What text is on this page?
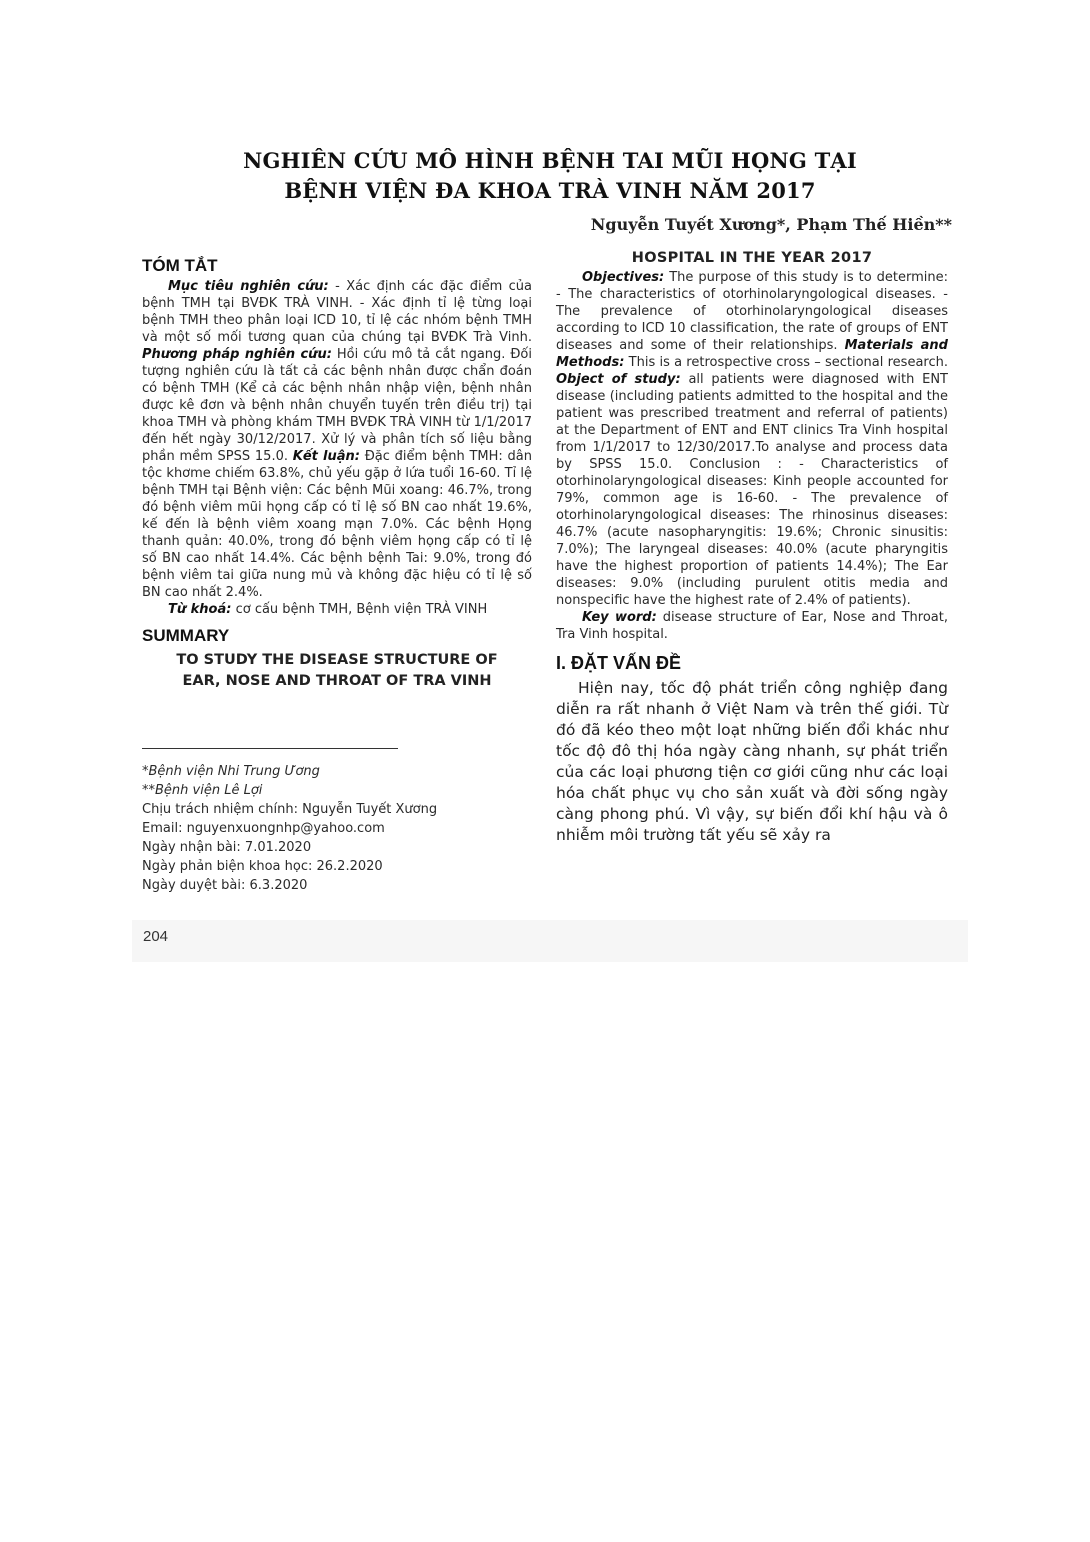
NGHIÊN CỨU MÔ HÌNH BỆNH TAI MŨI HỌNG TẠI
BỆNH VIỆN ĐA KHOA TRÀ VINH NĂM 2017
Nguyễn Tuyết Xương*, Phạm Thế Hiền**
TÓM TẮT

Mục tiêu nghiên cứu: - Xác định các đặc điểm của bệnh TMH tại BVĐK TRÀ VINH. - Xác định tỉ lệ từng loại bệnh TMH theo phân loại ICD 10, tỉ lệ các nhóm bệnh TMH và một số mối tương quan của chúng tại BVĐK Trà Vinh. Phương pháp nghiên cứu: Hồi cứu mô tả cắt ngang. Đối tượng nghiên cứu là tất cả các bệnh nhân được chẩn đoán có bệnh TMH (Kể cả các bệnh nhân nhập viện, bệnh nhân được kê đơn và bệnh nhân chuyển tuyến trên điều trị) tại khoa TMH và phòng khám TMH BVĐK TRÀ VINH từ 1/1/2017 đến hết ngày 30/12/2017. Xử lý và phân tích số liệu bằng phần mềm SPSS 15.0. Kết luận: Đặc điểm bệnh TMH: dân tộc khơme chiếm 63.8%, chủ yếu gặp ở lứa tuổi 16-60. Tỉ lệ bệnh TMH tại Bệnh viện: Các bệnh Mũi xoang: 46.7%, trong đó bệnh viêm mũi họng cấp có tỉ lệ số BN cao nhất 19.6%, kế đến là bệnh viêm xoang mạn 7.0%. Các bệnh Họng thanh quản: 40.0%, trong đó bệnh viêm họng cấp có tỉ lệ số BN cao nhất 14.4%. Các bệnh bệnh Tai: 9.0%, trong đó bệnh viêm tai giữa nung mủ và không đặc hiệu có tỉ lệ số BN cao nhất 2.4%.

Từ khoá: cơ cấu bệnh TMH, Bệnh viện TRÀ VINH

SUMMARY
TO STUDY THE DISEASE STRUCTURE OF
EAR, NOSE AND THROAT OF TRA VINH
*Bệnh viện Nhi Trung Ương
**Bệnh viện Lê Lợi
Chịu trách nhiệm chính: Nguyễn Tuyết Xương
Email: nguyenxuongnhp@yahoo.com
Ngày nhận bài: 7.01.2020
Ngày phản biện khoa học: 26.2.2020
Ngày duyệt bài: 6.3.2020
HOSPITAL IN THE YEAR 2017

Objectives: The purpose of this study is to determine: - The characteristics of otorhinolaryngological diseases. -The prevalence of otorhinolaryngological diseases according to ICD 10 classification, the rate of groups of ENT diseases and some of their relationships. Materials and Methods: This is a retrospective cross – sectional research. Object of study: all patients were diagnosed with ENT disease (including patients admitted to the hospital and the patient was prescribed treatment and referral of patients) at the Department of ENT and ENT clinics Tra Vinh hospital from 1/1/2017 to 12/30/2017.To analyse and process data by SPSS 15.0. Conclusion : - Characteristics of otorhinolaryngological diseases: Kinh people accounted for 79%, common age is 16-60. - The prevalence of otorhinolaryngological diseases: The rhinosinus diseases: 46.7% (acute nasopharyngitis: 19.6%; Chronic sinusitis: 7.0%); The laryngeal diseases: 40.0% (acute pharyngitis have the highest proportion of patients 14.4%); The Ear diseases: 9.0% (including purulent otitis media and nonspecific have the highest rate of 2.4% of patients).

Key word: disease structure of Ear, Nose and Throat, Tra Vinh hospital.

I. ĐẶT VẤN ĐỀ

Hiện nay, tốc độ phát triển công nghiệp đang diễn ra rất nhanh ở Việt Nam và trên thế giới. Từ đó đã kéo theo một loạt những biến đổi khác như tốc độ đô thị hóa ngày càng nhanh, sự phát triển của các loại phương tiện cơ giới cũng như các loại hóa chất phục vụ cho sản xuất và đời sống ngày càng phong phú. Vì vậy, sự biến đổi khí hậu và ô nhiễm môi trường tất yếu sẽ xảy ra

204
